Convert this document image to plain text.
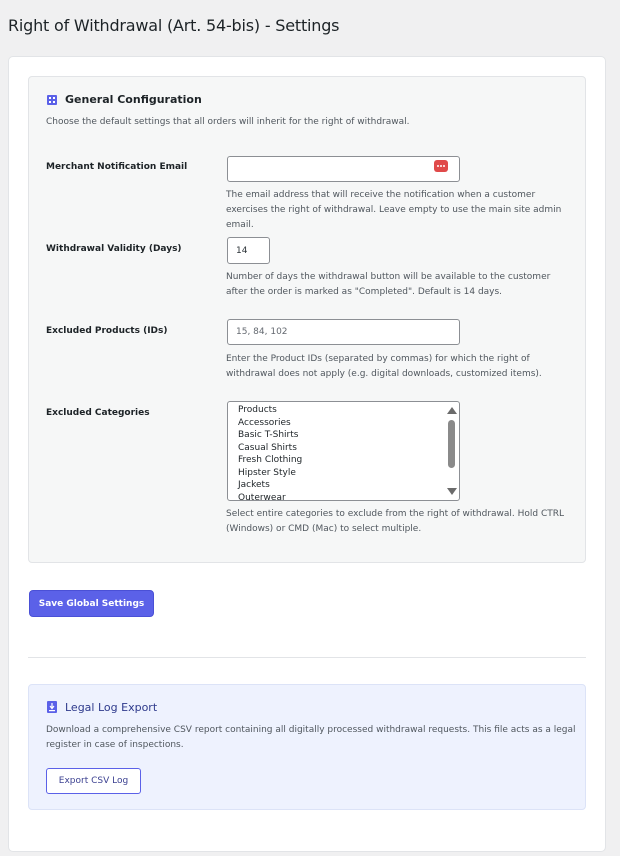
Right of Withdrawal (Art. 54-bis) - Settings
General Configuration
Choose the default settings that all orders will inherit for the right of withdrawal.
Merchant Notification Email
The email address that will receive the notification when a customer exercises the right of withdrawal. Leave empty to use the main site admin email.
Withdrawal Validity (Days)
14
Number of days the withdrawal button will be available to the customer after the order is marked as "Completed". Default is 14 days.
Excluded Products (IDs)
15, 84, 102
Enter the Product IDs (separated by commas) for which the right of withdrawal does not apply (e.g. digital downloads, customized items).
Excluded Categories	Products
Accessories
Basic T-Shirts
Casual Shirts
Fresh Clothing
Hipster Style
Jackets
Outerwear
Select entire categories to exclude from the right of withdrawal. Hold CTRL (Windows) or CMD (Mac) to select multiple.
Save Global Settings
Legal Log Export
Download a comprehensive CSV report containing all digitally processed withdrawal requests. This file acts as a legal register in case of inspections.
Export CSV Log
